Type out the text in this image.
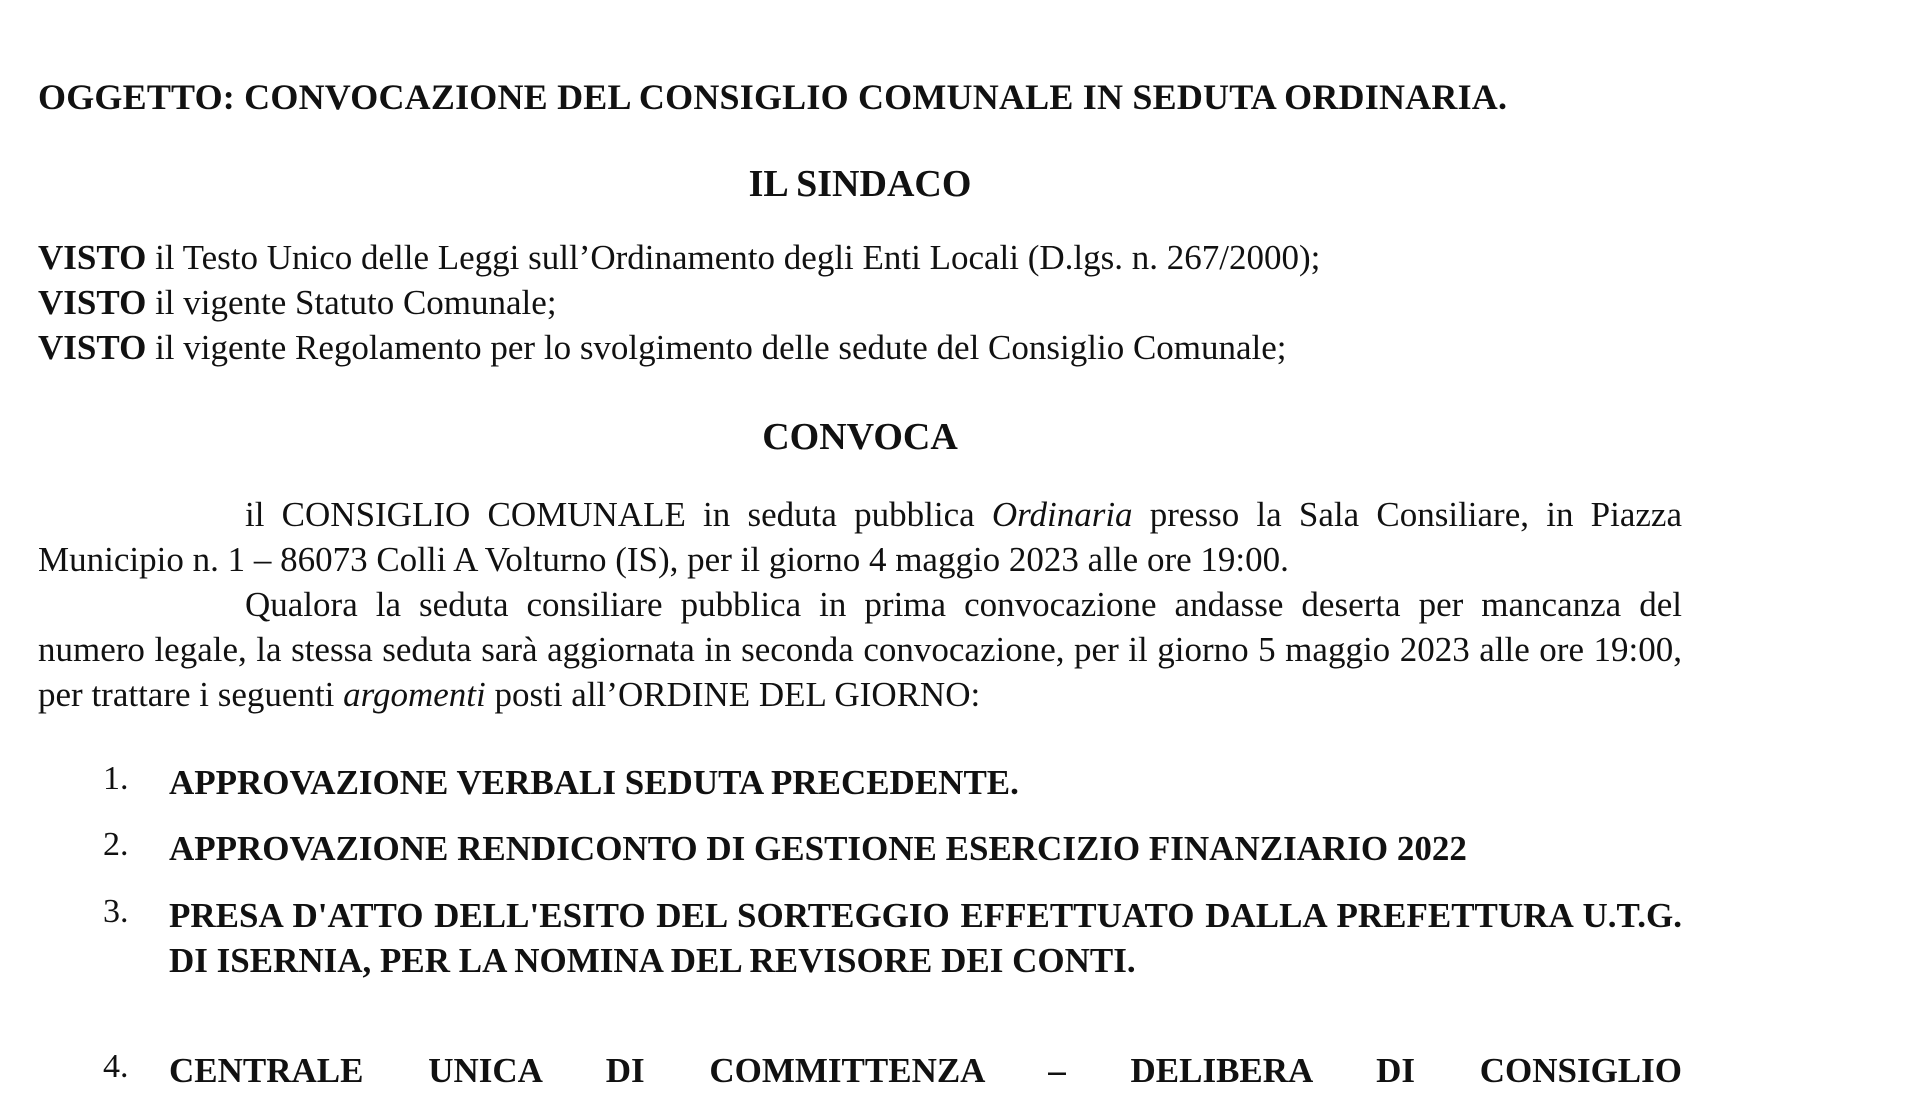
OGGETTO: CONVOCAZIONE DEL CONSIGLIO COMUNALE IN SEDUTA ORDINARIA.
IL SINDACO
VISTO il Testo Unico delle Leggi sull’Ordinamento degli Enti Locali (D.lgs. n. 267/2000);
VISTO il vigente Statuto Comunale;
VISTO il vigente Regolamento per lo svolgimento delle sedute del Consiglio Comunale;
CONVOCA
il CONSIGLIO COMUNALE in seduta pubblica Ordinaria presso la Sala Consiliare, in Piazza Municipio n. 1 – 86073 Colli A Volturno (IS), per il giorno 4 maggio 2023 alle ore 19:00.
Qualora la seduta consiliare pubblica in prima convocazione andasse deserta per mancanza del numero legale, la stessa seduta sarà aggiornata in seconda convocazione, per il giorno 5 maggio 2023 alle ore 19:00, per trattare i seguenti argomenti posti all’ORDINE DEL GIORNO:
1. APPROVAZIONE VERBALI SEDUTA PRECEDENTE.
2. APPROVAZIONE RENDICONTO DI GESTIONE ESERCIZIO FINANZIARIO 2022
3. PRESA D'ATTO DELL'ESITO DEL SORTEGGIO EFFETTUATO DALLA PREFETTURA U.T.G. DI ISERNIA, PER LA NOMINA DEL REVISORE DEI CONTI.
4. CENTRALE UNICA DI COMMITTENZA – DELIBERA DI CONSIGLIO
